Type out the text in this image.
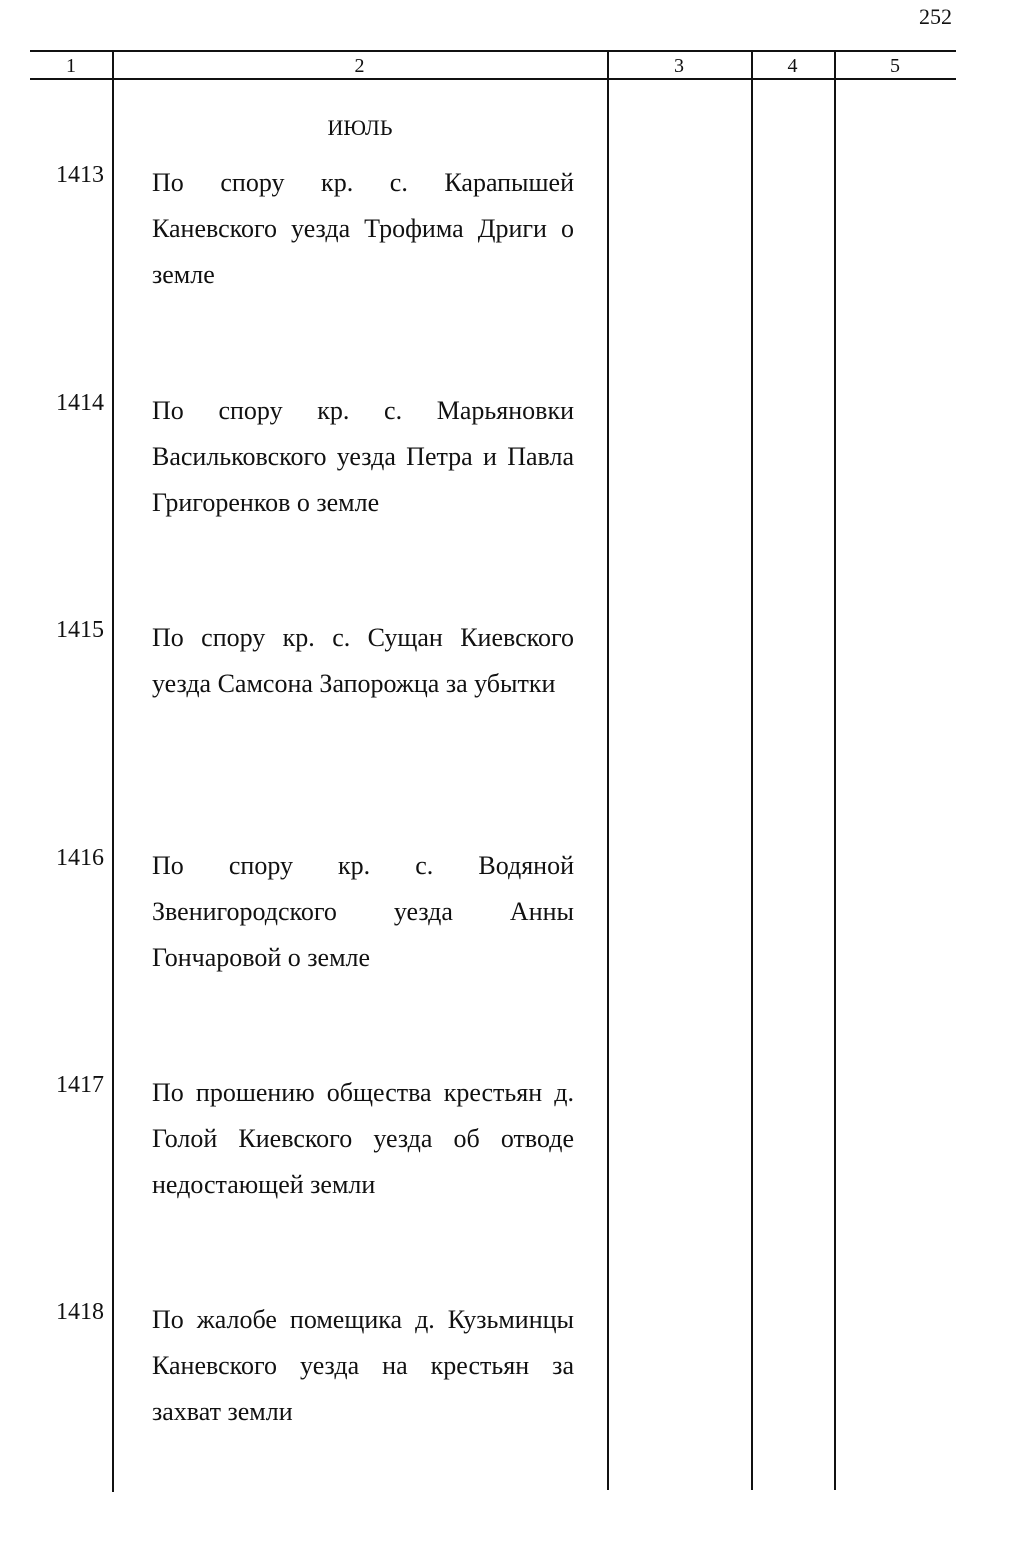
252
1	2	3	4	5
ИЮЛЬ
1413 По спору кр. с. Карапышей Каневского уезда Трофима Дриги о земле
1414 По спору кр. с. Марьяновки Васильковского уезда Петра и Павла Григоренков о земле
1415 По спору кр. с. Сущан Киевского уезда Самсона Запорожца за убытки
1416 По спору кр. с. Водяной Звенигородского уезда Анны Гончаровой о земле
1417 По прошению общества крестьян д. Голой Киевского уезда об отводе недостающей земли
1418 По жалобе помещика д. Кузьминцы Каневского уезда на крестьян за захват земли
